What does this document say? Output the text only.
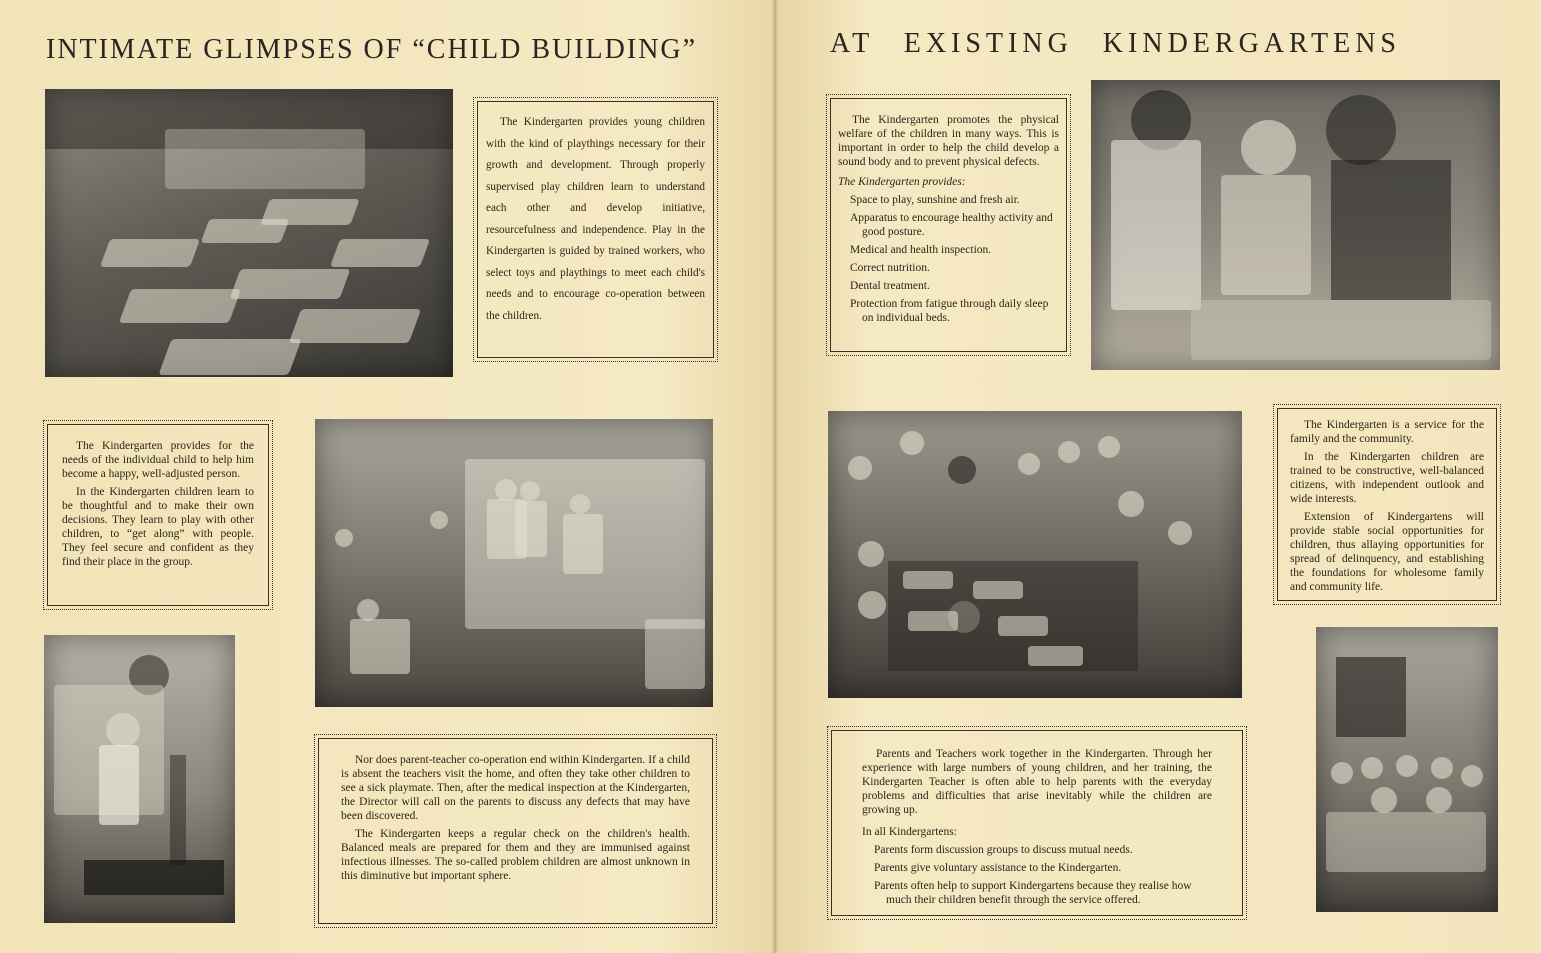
INTIMATE GLIMPSES OF “CHILD BUILDING”	AT EXISTING KINDERGARTENS

The Kindergarten provides young children with the kind of playthings necessary for their growth and development. Through properly supervised play children learn to understand each other and develop initiative, resourcefulness and independence. Play in the Kindergarten is guided by trained workers, who select toys and playthings to meet each child's needs and to encourage co-operation between the children.

The Kindergarten provides for the needs of the individual child to help him become a happy, well-adjusted person.

In the Kindergarten children learn to be thoughtful and to make their own decisions. They learn to play with other children, to “get along” with people. They feel secure and confident as they find their place in the group.

Nor does parent-teacher co-operation end within Kindergarten. If a child is absent the teachers visit the home, and often they take other children to see a sick playmate. Then, after the medical inspection at the Kindergarten, the Director will call on the parents to discuss any defects that may have been discovered.

The Kindergarten keeps a regular check on the children's health. Balanced meals are prepared for them and they are immunised against infectious illnesses. The so-called problem children are almost unknown in this diminutive but important sphere.

The Kindergarten promotes the physical welfare of the children in many ways. This is important in order to help the child develop a sound body and to prevent physical defects.

The Kindergarten provides:

Space to play, sunshine and fresh air.
Apparatus to encourage healthy activity and good posture.
Medical and health inspection.
Correct nutrition.
Dental treatment.
Protection from fatigue through daily sleep on individual beds.

The Kindergarten is a service for the family and the community.

In the Kindergarten children are trained to be constructive, well-balanced citizens, with independent outlook and wide interests.

Extension of Kindergartens will provide stable social opportunities for children, thus allaying opportunities for spread of delinquency, and establishing the foundations for wholesome family and community life.

Parents and Teachers work together in the Kindergarten. Through her experience with large numbers of young children, and her training, the Kindergarten Teacher is often able to help parents with the everyday problems and difficulties that arise inevitably while the children are growing up.

In all Kindergartens:

Parents form discussion groups to discuss mutual needs.
Parents give voluntary assistance to the Kindergarten.
Parents often help to support Kindergartens because they realise how much their children benefit through the service offered.
